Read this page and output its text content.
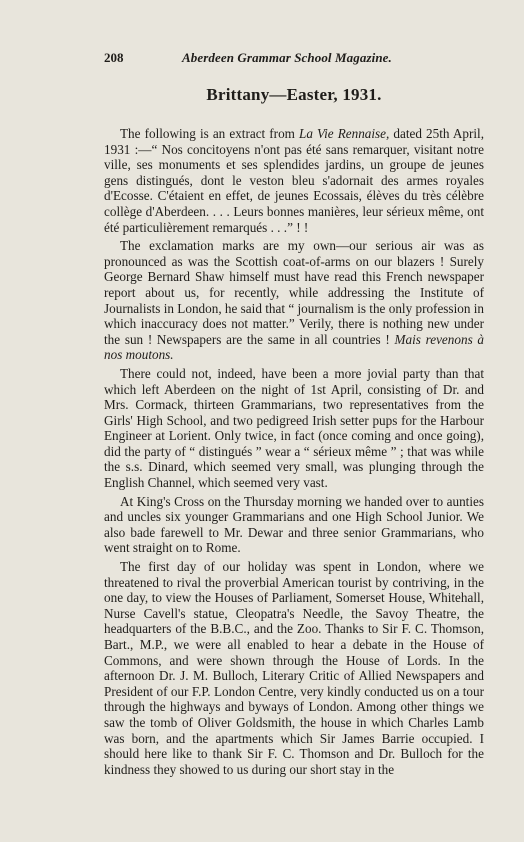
208	Aberdeen Grammar School Magazine.
Brittany—Easter, 1931.

The following is an extract from La Vie Rennaise, dated 25th April, 1931 :—“ Nos concitoyens n'ont pas été sans remarquer, visitant notre ville, ses monuments et ses splendides jardins, un groupe de jeunes gens distingués, dont le veston bleu s'adornait des armes royales d'Ecosse. C'étaient en effet, de jeunes Ecossais, élèves du très célèbre collège d'Aberdeen. . . . Leurs bonnes manières, leur sérieux même, ont été particulièrement remarqués . . .” ! !

The exclamation marks are my own—our serious air was as pronounced as was the Scottish coat-of-arms on our blazers ! Surely George Bernard Shaw himself must have read this French newspaper report about us, for recently, while addressing the Institute of Journalists in London, he said that “ journalism is the only profession in which inaccuracy does not matter.” Verily, there is nothing new under the sun ! Newspapers are the same in all countries ! Mais revenons à nos moutons.

There could not, indeed, have been a more jovial party than that which left Aberdeen on the night of 1st April, consisting of Dr. and Mrs. Cormack, thirteen Grammarians, two representatives from the Girls' High School, and two pedigreed Irish setter pups for the Harbour Engineer at Lorient. Only twice, in fact (once coming and once going), did the party of “ distingués ” wear a “ sérieux même ” ; that was while the s.s. Dinard, which seemed very small, was plunging through the English Channel, which seemed very vast.

At King's Cross on the Thursday morning we handed over to aunties and uncles six younger Grammarians and one High School Junior. We also bade farewell to Mr. Dewar and three senior Grammarians, who went straight on to Rome.

The first day of our holiday was spent in London, where we threatened to rival the proverbial American tourist by contriving, in the one day, to view the Houses of Parliament, Somerset House, Whitehall, Nurse Cavell's statue, Cleopatra's Needle, the Savoy Theatre, the headquarters of the B.B.C., and the Zoo. Thanks to Sir F. C. Thomson, Bart., M.P., we were all enabled to hear a debate in the House of Commons, and were shown through the House of Lords. In the afternoon Dr. J. M. Bulloch, Literary Critic of Allied Newspapers and President of our F.P. London Centre, very kindly conducted us on a tour through the highways and byways of London. Among other things we saw the tomb of Oliver Goldsmith, the house in which Charles Lamb was born, and the apartments which Sir James Barrie occupied. I should here like to thank Sir F. C. Thomson and Dr. Bulloch for the kindness they showed to us during our short stay in the
